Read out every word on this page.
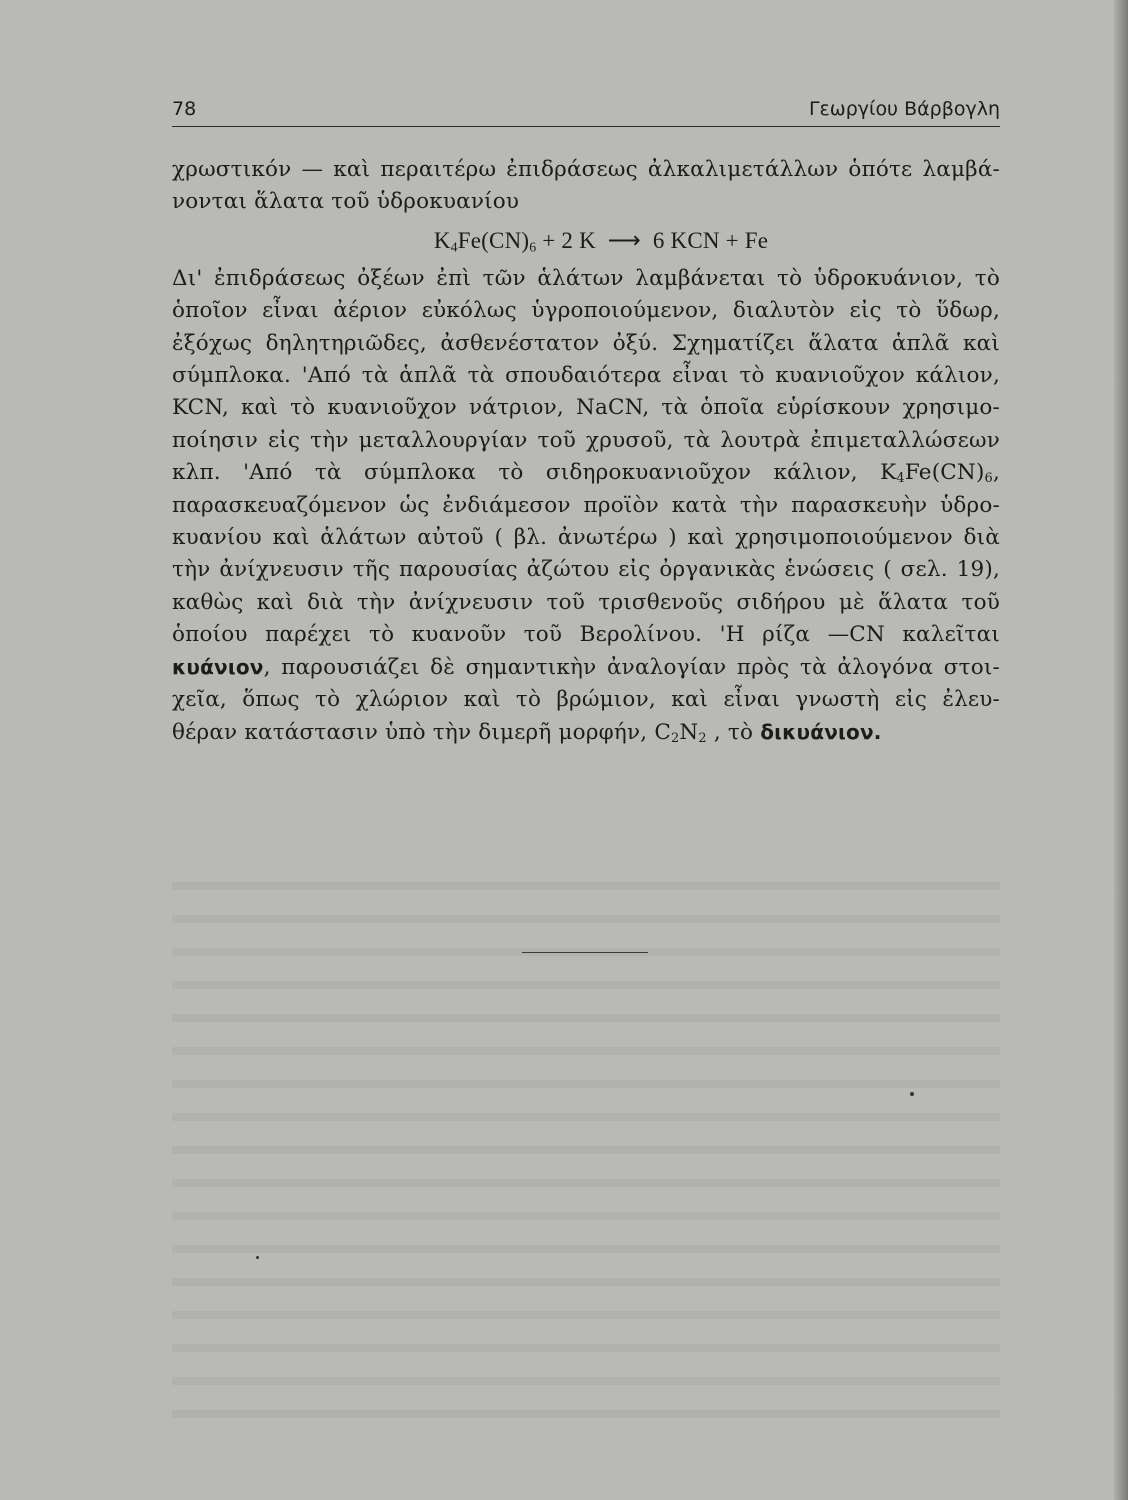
78	Γεωργίου Βάρβογλη
χρωστικόν — καὶ περαιτέρω ἐπιδράσεως ἀλκαλιμετάλλων ὁπότε λαμβά-
νονται ἅλατα τοῦ ὑδροκυανίου
$K_4Fe(CN)_6 + 2$ K  ⟶  6 KCN + Fe
Δι' ἐπιδράσεως ὀξέων ἐπὶ τῶν ἁλάτων λαμβάνεται τὸ ὑδροκυάνιον, τὸ
ὁποῖον εἶναι ἀέριον εὐκόλως ὑγροποιούμενον, διαλυτὸν εἰς τὸ ὕδωρ,
ἐξόχως δηλητηριῶδες, ἀσθενέστατον ὀξύ. Σχηματίζει ἅλατα ἁπλᾶ καὶ
σύμπλοκα. 'Από τὰ ἁπλᾶ τὰ σπουδαιότερα εἶναι τὸ κυανιοῦχον κάλιον,
KCN, καὶ τὸ κυανιοῦχον νάτριον, NaCN, τὰ ὁποῖα εὑρίσκουν χρησιμο-
ποίησιν εἰς τὴν μεταλλουργίαν τοῦ χρυσοῦ, τὰ λουτρὰ ἐπιμεταλλώσεων
κλπ. 'Από τὰ σύμπλοκα τὸ σιδηροκυανιοῦχον κάλιον, $K_4Fe(CN)_6$,
παρασκευαζόμενον ὡς ἐνδιάμεσον προϊὸν κατὰ τὴν παρασκευὴν ὑδρο-
κυανίου καὶ ἁλάτων αὐτοῦ ( βλ. ἀνωτέρω ) καὶ χρησιμοποιούμενον διὰ
τὴν ἀνίχνευσιν τῆς παρουσίας ἀζώτου εἰς ὀργανικὰς ἑνώσεις ( σελ. 19),
καθὼς καὶ διὰ τὴν ἀνίχνευσιν τοῦ τρισθενοῦς σιδήρου μὲ ἅλατα τοῦ
ὁποίου παρέχει τὸ κυανοῦν τοῦ Βερολίνου. 'Η ρίζα —CN καλεῖται
κυάνιον, παρουσιάζει δὲ σημαντικὴν ἀναλογίαν πρὸς τὰ ἀλογόνα στοι-
χεῖα, ὅπως τὸ χλώριον καὶ τὸ βρώμιον, καὶ εἶναι γνωστὴ εἰς ἐλευ-
θέραν κατάστασιν ὑπὸ τὴν διμερῆ μορφήν, $C_2N_2$ , τὸ δικυάνιον.
